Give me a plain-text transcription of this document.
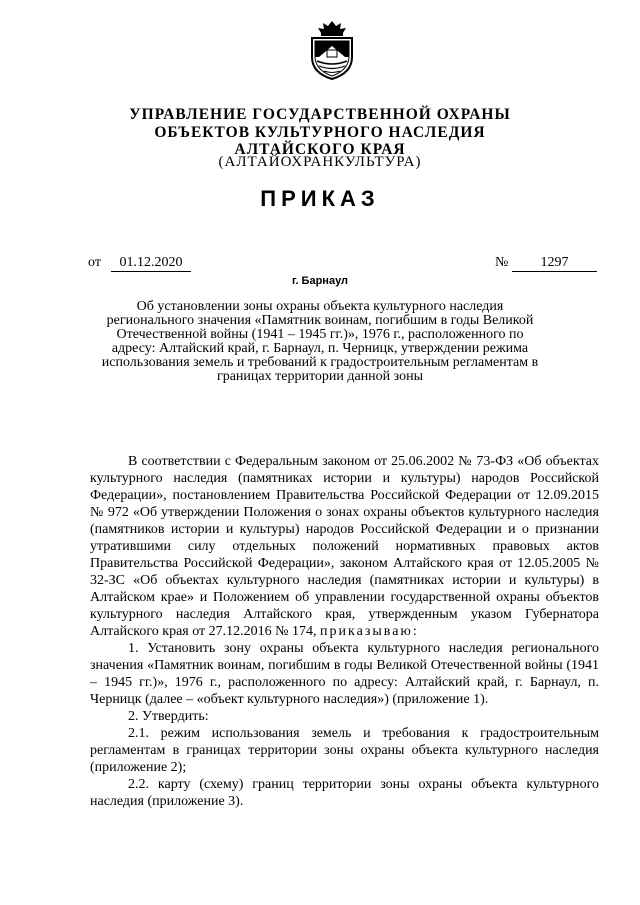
УПРАВЛЕНИЕ ГОСУДАРСТВЕННОЙ ОХРАНЫ
ОБЪЕКТОВ КУЛЬТУРНОГО НАСЛЕДИЯ
АЛТАЙСКОГО КРАЯ
(АЛТАЙОХРАНКУЛЬТУРА)
ПРИКАЗ
от	01.12.2020	№	1297
г. Барнаул
Об установлении зоны охраны объекта культурного наследия регионального значения «Памятник воинам, погибшим в годы Великой Отечественной войны (1941 – 1945 гг.)», 1976 г., расположенного по адресу: Алтайский край, г. Барнаул, п. Черницк, утверждении режима использования земель и требований к градостроительным регламентам в границах территории данной зоны

В соответствии с Федеральным законом от 25.06.2002 № 73-ФЗ «Об объектах культурного наследия (памятниках истории и культуры) народов Российской Федерации», постановлением Правительства Российской Федерации от 12.09.2015 № 972 «Об утверждении Положения о зонах охраны объектов культурного наследия (памятников истории и культуры) народов Российской Федерации и о признании утратившими силу отдельных положений нормативных правовых актов Правительства Российской Федерации», законом Алтайского края от 12.05.2005 № 32-ЗС «Об объектах культурного наследия (памятниках истории и культуры) в Алтайском крае» и Положением об управлении государственной охраны объектов культурного наследия Алтайского края, утвержденным указом Губернатора Алтайского края от 27.12.2016 № 174, приказываю:

1. Установить зону охраны объекта культурного наследия регионального значения «Памятник воинам, погибшим в годы Великой Отечественной войны (1941 – 1945 гг.)», 1976 г., расположенного по адресу: Алтайский край, г. Барнаул, п. Черницк (далее – «объект культурного наследия») (приложение 1).

2. Утвердить:

2.1. режим использования земель и требования к градостроительным регламентам в границах территории зоны охраны объекта культурного наследия (приложение 2);

2.2. карту (схему) границ территории зоны охраны объекта культурного наследия (приложение 3).
